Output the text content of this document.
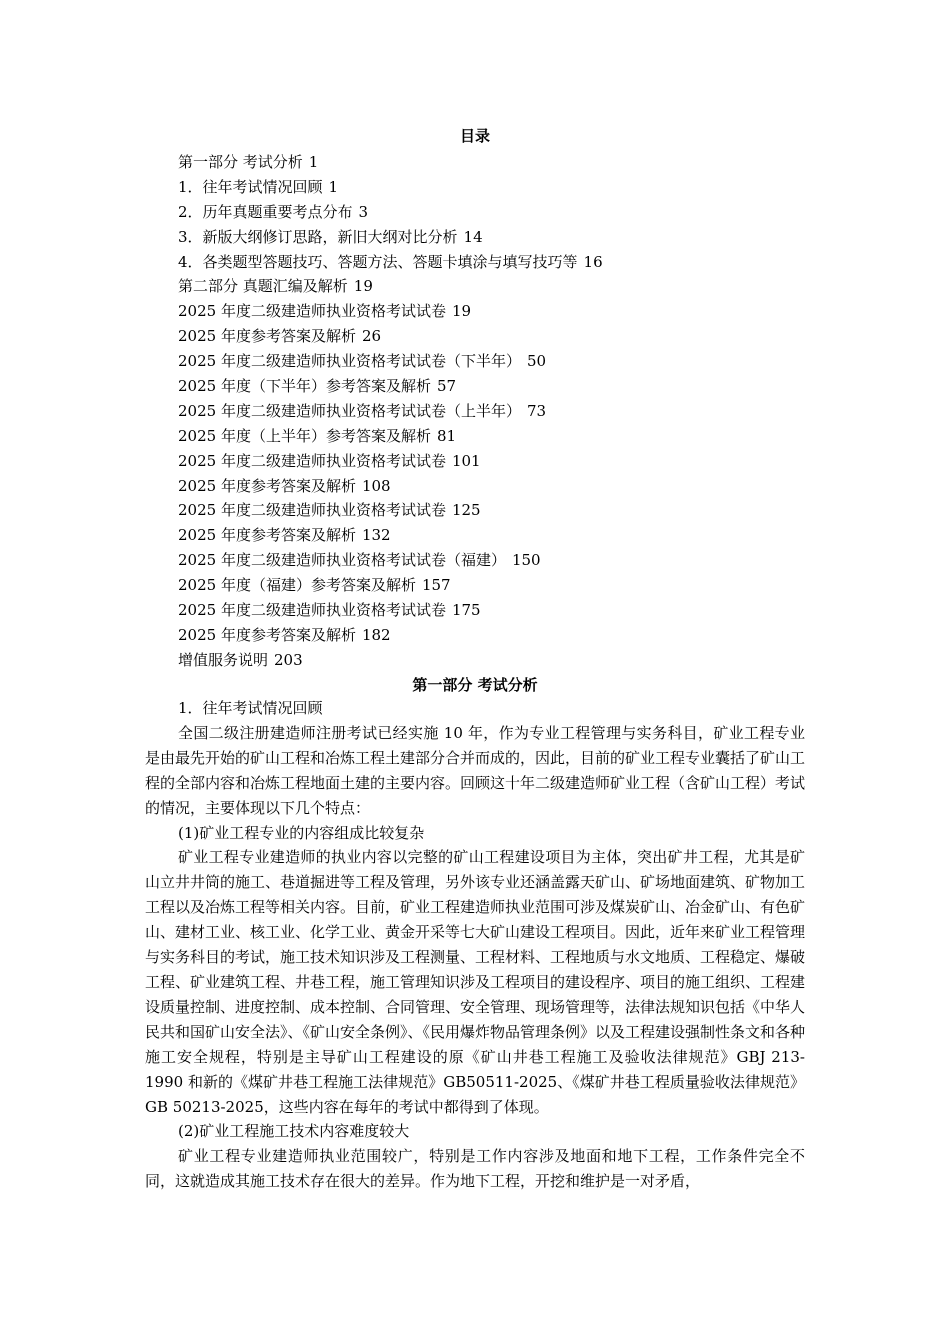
目录
第一部分 考试分析 1
1．往年考试情况回顾 1
2．历年真题重要考点分布 3
3．新版大纲修订思路，新旧大纲对比分析 14
4．各类题型答题技巧、答题方法、答题卡填涂与填写技巧等 16
第二部分 真题汇编及解析 19
2025 年度二级建造师执业资格考试试卷 19
2025 年度参考答案及解析 26
2025 年度二级建造师执业资格考试试卷（下半年） 50
2025 年度（下半年）参考答案及解析 57
2025 年度二级建造师执业资格考试试卷（上半年） 73
2025 年度（上半年）参考答案及解析 81
2025 年度二级建造师执业资格考试试卷 101
2025 年度参考答案及解析 108
2025 年度二级建造师执业资格考试试卷 125
2025 年度参考答案及解析 132
2025 年度二级建造师执业资格考试试卷（福建） 150
2025 年度（福建）参考答案及解析 157
2025 年度二级建造师执业资格考试试卷 175
2025 年度参考答案及解析 182
增值服务说明 203
第一部分 考试分析

1．往年考试情况回顾

全国二级注册建造师注册考试已经实施 10 年，作为专业工程管理与实务科目，矿业工程专业是由最先开始的矿山工程和冶炼工程土建部分合并而成的，因此，目前的矿业工程专业囊括了矿山工程的全部内容和冶炼工程地面土建的主要内容。回顾这十年二级建造师矿业工程（含矿山工程）考试的情况，主要体现以下几个特点：

(1)矿业工程专业的内容组成比较复杂

矿业工程专业建造师的执业内容以完整的矿山工程建设项目为主体，突出矿井工程，尤其是矿山立井井筒的施工、巷道掘进等工程及管理，另外该专业还涵盖露天矿山、矿场地面建筑、矿物加工工程以及冶炼工程等相关内容。目前，矿业工程建造师执业范围可涉及煤炭矿山、冶金矿山、有色矿山、建材工业、核工业、化学工业、黄金开采等七大矿山建设工程项目。因此，近年来矿业工程管理与实务科目的考试，施工技术知识涉及工程测量、工程材料、工程地质与水文地质、工程稳定、爆破工程、矿业建筑工程、井巷工程，施工管理知识涉及工程项目的建设程序、项目的施工组织、工程建设质量控制、进度控制、成本控制、合同管理、安全管理、现场管理等，法律法规知识包括《中华人民共和国矿山安全法》、《矿山安全条例》、《民用爆炸物品管理条例》以及工程建设强制性条文和各种施工安全规程，特别是主导矿山工程建设的原《矿山井巷工程施工及验收法律规范》GBJ 213-1990 和新的《煤矿井巷工程施工法律规范》GB50511-2025、《煤矿井巷工程质量验收法律规范》GB 50213-2025，这些内容在每年的考试中都得到了体现。

(2)矿业工程施工技术内容难度较大

矿业工程专业建造师执业范围较广，特别是工作内容涉及地面和地下工程，工作条件完全不同，这就造成其施工技术存在很大的差异。作为地下工程，开挖和维护是一对矛盾，
